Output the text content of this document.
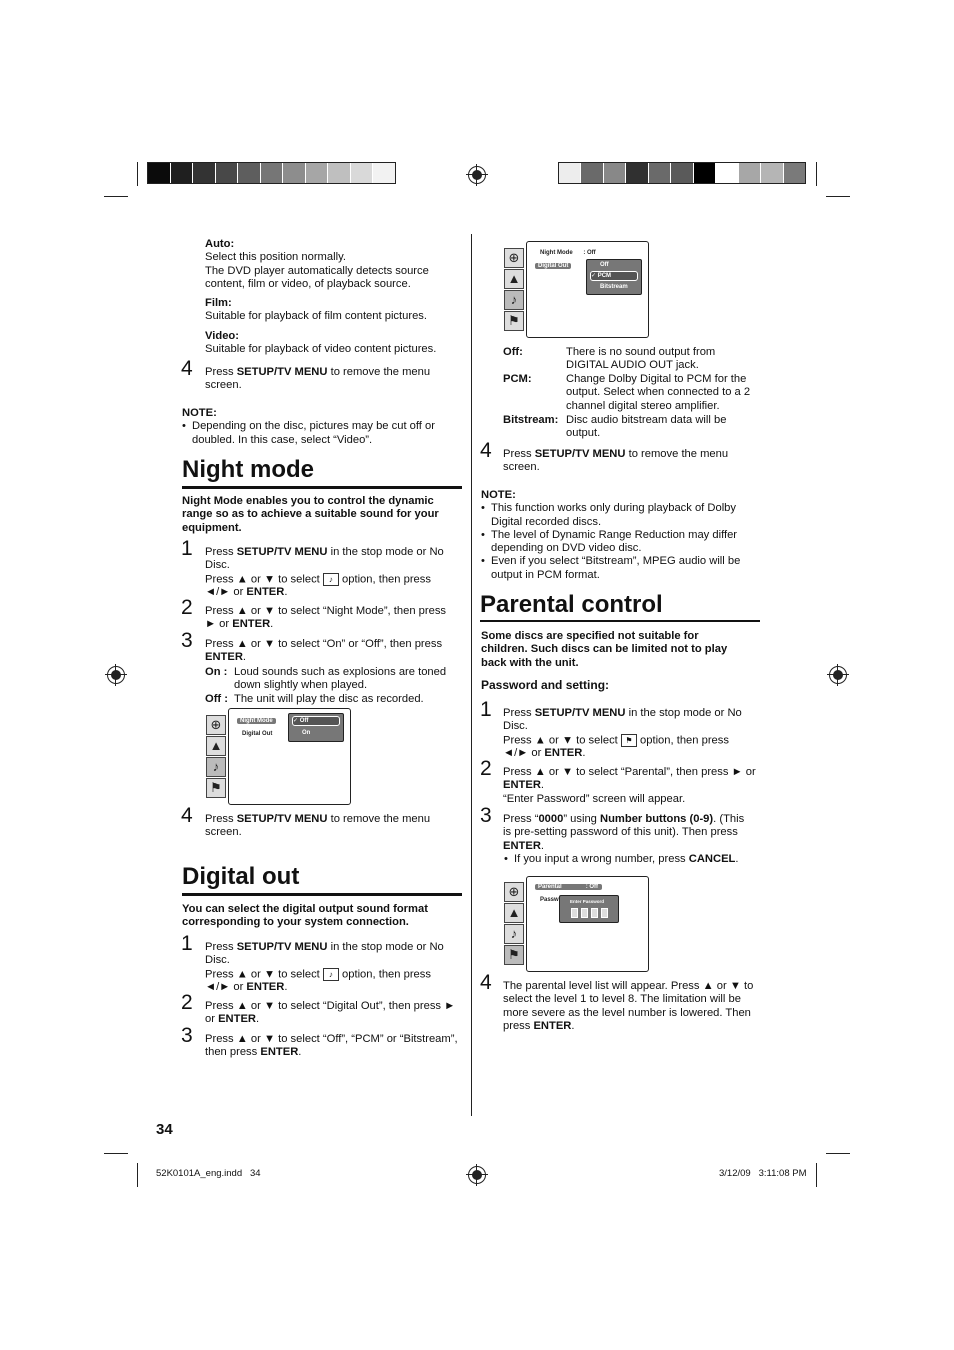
Auto:
Select this position normally.
The DVD player automatically detects source
content, film or video, of playback source.
Film:
Suitable for playback of film content pictures.
Video:
Suitable for playback of video content pictures.
4 Press SETUP/TV MENU to remove the menu
screen.
NOTE:
• Depending on the disc, pictures may be cut off or
doubled. In this case, select “Video”.
Night mode
Night Mode enables you to control the dynamic
range so as to achieve a suitable sound for your
equipment.
1 Press SETUP/TV MENU in the stop mode or No
Disc.
Press ▲ or ▼ to select ♪ option, then press
◄/► or ENTER.
2 Press ▲ or ▼ to select “Night Mode”, then press
► or ENTER.
3 Press ▲ or ▼ to select “On” or “Off”, then press
ENTER.
On : Loud sounds such as explosions are toned
down slightly when played.
Off : The unit will play the disc as recorded.
⊕
▲
♪
⚑
Night Mode
Digital Out
✓ Off
On
4 Press SETUP/TV MENU to remove the menu
screen.
Digital out
You can select the digital output sound format
corresponding to your system connection.
1 Press SETUP/TV MENU in the stop mode or No
Disc.
Press ▲ or ▼ to select ♪ option, then press
◄/► or ENTER.
2 Press ▲ or ▼ to select “Digital Out”, then press ►
or ENTER.
3 Press ▲ or ▼ to select “Off”, “PCM” or “Bitstream”,
then press ENTER.
34
⊕
▲
♪
⚑
Night Mode : Off
Digital Out	Off
✓ PCM
Bitstream
Off:	There is no sound output from
DIGITAL AUDIO OUT jack.
PCM:	Change Dolby Digital to PCM for the
output. Select when connected to a 2
channel digital stereo amplifier.
Bitstream: Disc audio bitstream data will be
output.
4 Press SETUP/TV MENU to remove the menu
screen.
NOTE:
• This function works only during playback of Dolby
Digital recorded discs.
• The level of Dynamic Range Reduction may differ
depending on DVD video disc.
• Even if you select “Bitstream”, MPEG audio will be
output in PCM format.
Parental control
Some discs are specified not suitable for
children. Such discs can be limited not to play
back with the unit.
Password and setting:
1 Press SETUP/TV MENU in the stop mode or No
Disc.
Press ▲ or ▼ to select ⚑ option, then press
◄/► or ENTER.
2 Press ▲ or ▼ to select “Parental”, then press ► or
ENTER.
“Enter Password” screen will appear.
3 Press “0000” using Number buttons (0-9). (This
is pre-setting password of this unit). Then press
ENTER.
• If you input a wrong number, press CANCEL.
⊕
▲
♪
⚑
Parental	: Off
Passw	Enter Password
4 The parental level list will appear. Press ▲ or ▼ to
select the level 1 to level 8. The limitation will be
more severe as the level number is lowered. Then
press ENTER.
52K0101A_eng.indd   34	3/12/09   3:11:08 PM
